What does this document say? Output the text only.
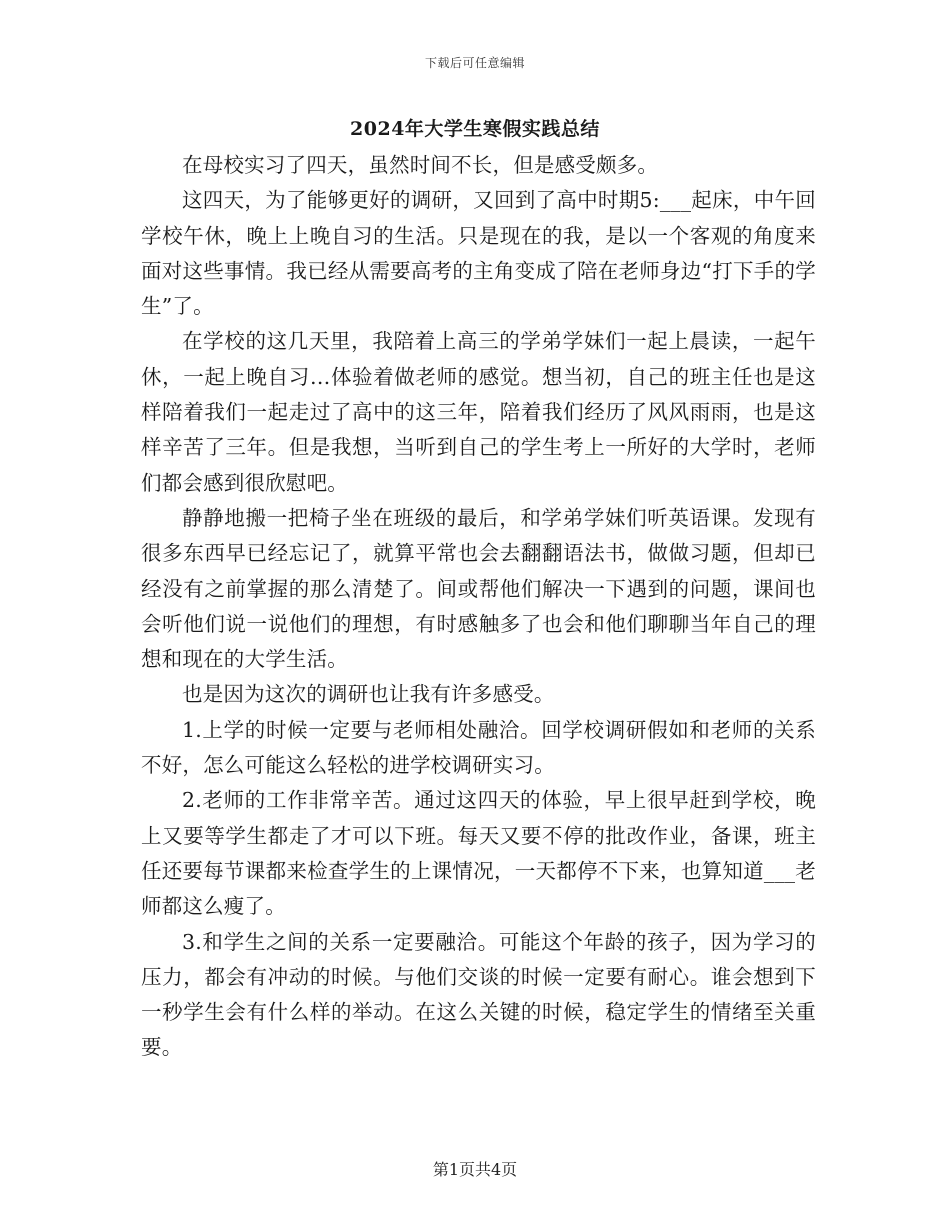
下载后可任意编辑
2024年大学生寒假实践总结

在母校实习了四天，虽然时间不长，但是感受颇多。

这四天，为了能够更好的调研，又回到了高中时期5:___起床，中午回学校午休，晚上上晚自习的生活。只是现在的我，是以一个客观的角度来面对这些事情。我已经从需要高考的主角变成了陪在老师身边“打下手的学生”了。

在学校的这几天里，我陪着上高三的学弟学妹们一起上晨读，一起午休，一起上晚自习…体验着做老师的感觉。想当初，自己的班主任也是这样陪着我们一起走过了高中的这三年，陪着我们经历了风风雨雨，也是这样辛苦了三年。但是我想，当听到自己的学生考上一所好的大学时，老师们都会感到很欣慰吧。

静静地搬一把椅子坐在班级的最后，和学弟学妹们听英语课。发现有很多东西早已经忘记了，就算平常也会去翻翻语法书，做做习题，但却已经没有之前掌握的那么清楚了。间或帮他们解决一下遇到的问题，课间也会听他们说一说他们的理想，有时感触多了也会和他们聊聊当年自己的理想和现在的大学生活。

也是因为这次的调研也让我有许多感受。

1.上学的时候一定要与老师相处融洽。回学校调研假如和老师的关系不好，怎么可能这么轻松的进学校调研实习。

2.老师的工作非常辛苦。通过这四天的体验，早上很早赶到学校，晚上又要等学生都走了才可以下班。每天又要不停的批改作业，备课，班主任还要每节课都来检查学生的上课情况，一天都停不下来，也算知道___老师都这么瘦了。

3.和学生之间的关系一定要融洽。可能这个年龄的孩子，因为学习的压力，都会有冲动的时候。与他们交谈的时候一定要有耐心。谁会想到下一秒学生会有什么样的举动。在这么关键的时候，稳定学生的情绪至关重要。

第1页共4页
